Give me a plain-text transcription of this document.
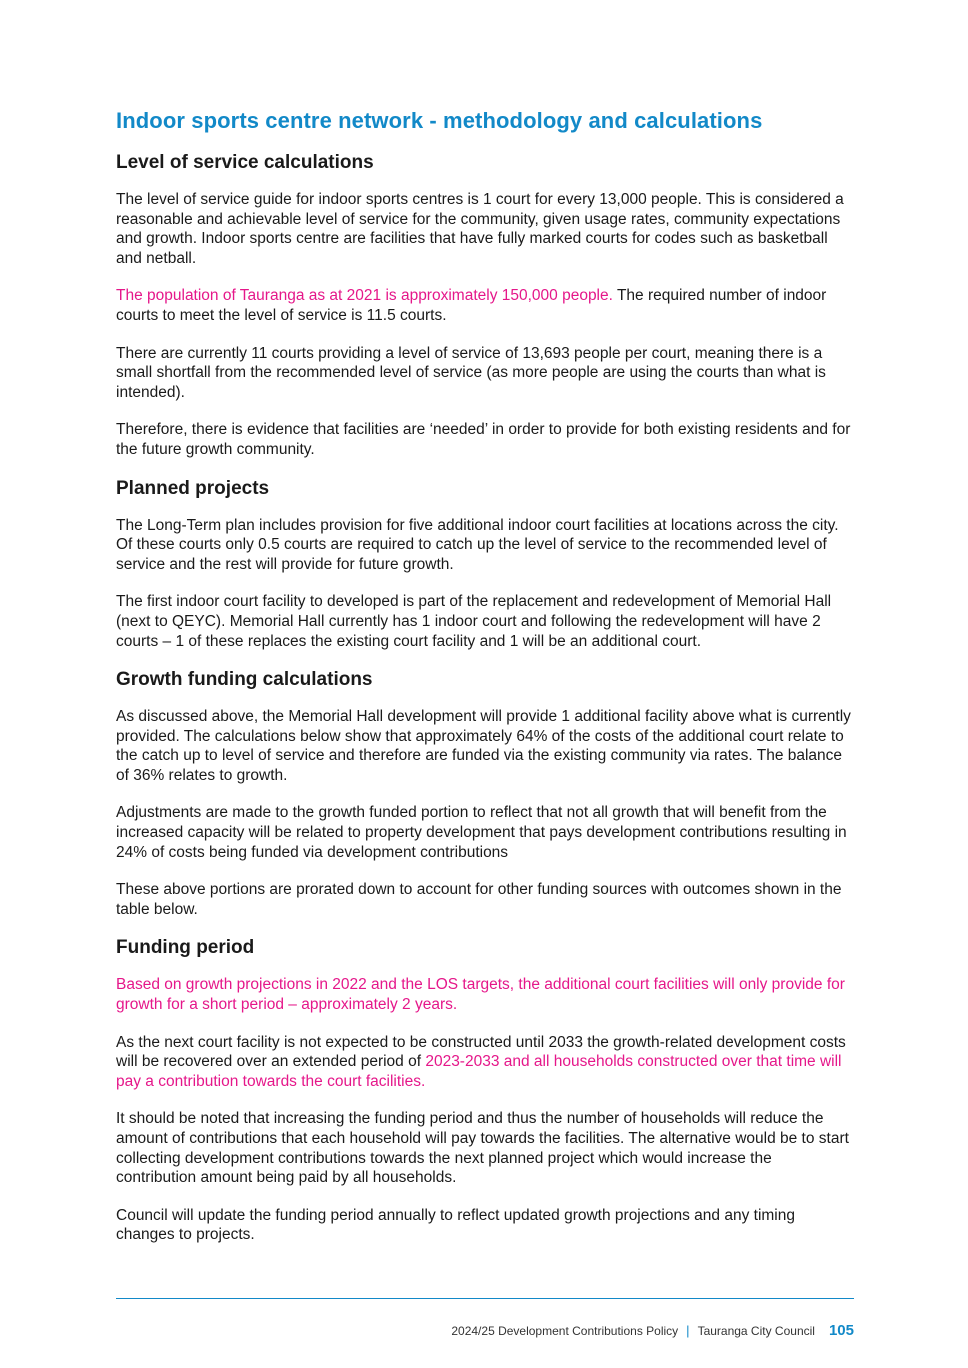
Indoor sports centre network - methodology and calculations
Level of service calculations

The level of service guide for indoor sports centres is 1 court for every 13,000 people. This is considered a reasonable and achievable level of service for the community, given usage rates, community expectations and growth. Indoor sports centre are facilities that have fully marked courts for codes such as basketball and netball.

The population of Tauranga as at 2021 is approximately 150,000 people. The required number of indoor courts to meet the level of service is 11.5 courts.

There are currently 11 courts providing a level of service of 13,693 people per court, meaning there is a small shortfall from the recommended level of service (as more people are using the courts than what is intended).

Therefore, there is evidence that facilities are ‘needed’ in order to provide for both existing residents and for the future growth community.

Planned projects

The Long-Term plan includes provision for five additional indoor court facilities at locations across the city. Of these courts only 0.5 courts are required to catch up the level of service to the recommended level of service and the rest will provide for future growth.

The first indoor court facility to developed is part of the replacement and redevelopment of Memorial Hall (next to QEYC). Memorial Hall currently has 1 indoor court and following the redevelopment will have 2 courts – 1 of these replaces the existing court facility and 1 will be an additional court.

Growth funding calculations

As discussed above, the Memorial Hall development will provide 1 additional facility above what is currently provided. The calculations below show that approximately 64% of the costs of the additional court relate to the catch up to level of service and therefore are funded via the existing community via rates. The balance of 36% relates to growth.

Adjustments are made to the growth funded portion to reflect that not all growth that will benefit from the increased capacity will be related to property development that pays development contributions resulting in 24% of costs being funded via development contributions

These above portions are prorated down to account for other funding sources with outcomes shown in the table below.

Funding period

Based on growth projections in 2022 and the LOS targets, the additional court facilities will only provide for growth for a short period – approximately 2 years.

As the next court facility is not expected to be constructed until 2033 the growth-related development costs will be recovered over an extended period of 2023-2033 and all households constructed over that time will pay a contribution towards the court facilities.

It should be noted that increasing the funding period and thus the number of households will reduce the amount of contributions that each household will pay towards the facilities. The alternative would be to start collecting development contributions towards the next planned project which would increase the contribution amount being paid by all households.

Council will update the funding period annually to reflect updated growth projections and any timing changes to projects.

2024/25 Development Contributions Policy | Tauranga City Council 105
